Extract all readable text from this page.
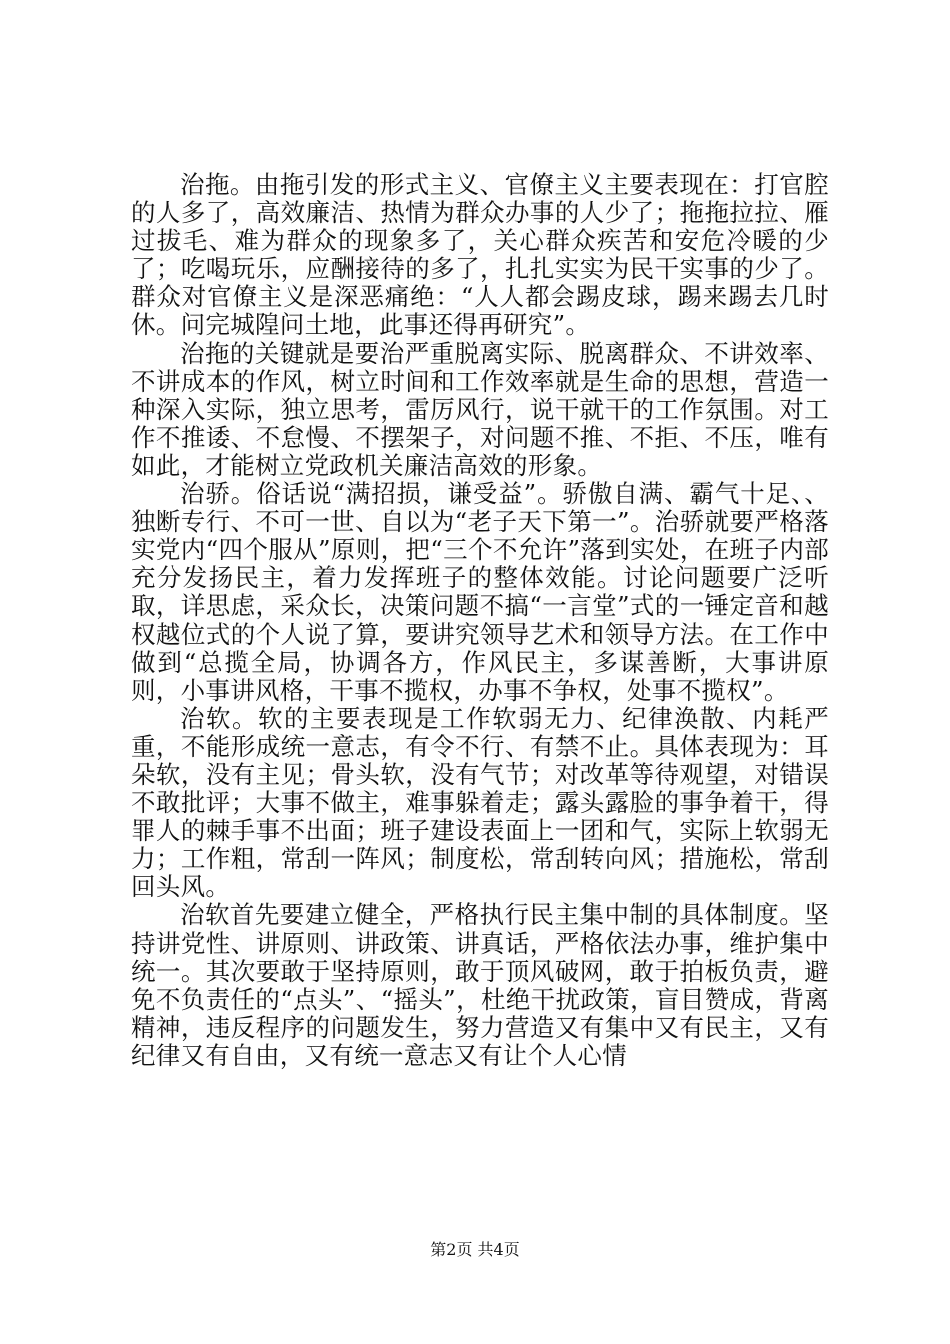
治拖。由拖引发的形式主义、官僚主义主要表现在：打官腔的人多了，高效廉洁、热情为群众办事的人少了；拖拖拉拉、雁过拔毛、难为群众的现象多了，关心群众疾苦和安危冷暖的少了；吃喝玩乐，应酬接待的多了，扎扎实实为民干实事的少了。群众对官僚主义是深恶痛绝：“人人都会踢皮球，踢来踢去几时休。问完城隍问土地，此事还得再研究”。

治拖的关键就是要治严重脱离实际、脱离群众、不讲效率、不讲成本的作风，树立时间和工作效率就是生命的思想，营造一种深入实际，独立思考，雷厉风行，说干就干的工作氛围。对工作不推诿、不怠慢、不摆架子，对问题不推、不拒、不压，唯有如此，才能树立党政机关廉洁高效的形象。

治骄。俗话说“满招损，谦受益”。骄傲自满、霸气十足、、独断专行、不可一世、自以为“老子天下第一”。治骄就要严格落实党内“四个服从”原则，把“三个不允许”落到实处，在班子内部充分发扬民主，着力发挥班子的整体效能。讨论问题要广泛听取，详思虑，采众长，决策问题不搞“一言堂”式的一锤定音和越权越位式的个人说了算，要讲究领导艺术和领导方法。在工作中做到“总揽全局，协调各方，作风民主，多谋善断，大事讲原则，小事讲风格，干事不揽权，办事不争权，处事不揽权”。

治软。软的主要表现是工作软弱无力、纪律涣散、内耗严重，不能形成统一意志，有令不行、有禁不止。具体表现为：耳朵软，没有主见；骨头软，没有气节；对改革等待观望，对错误不敢批评；大事不做主，难事躲着走；露头露脸的事争着干，得罪人的棘手事不出面；班子建设表面上一团和气，实际上软弱无力；工作粗，常刮一阵风；制度松，常刮转向风；措施松，常刮回头风。

治软首先要建立健全，严格执行民主集中制的具体制度。坚持讲党性、讲原则、讲政策、讲真话，严格依法办事，维护集中统一。其次要敢于坚持原则，敢于顶风破网，敢于拍板负责，避免不负责任的“点头”、“摇头”，杜绝干扰政策，盲目赞成，背离精神，违反程序的问题发生，努力营造又有集中又有民主，又有纪律又有自由，又有统一意志又有让个人心情

第2页 共4页
